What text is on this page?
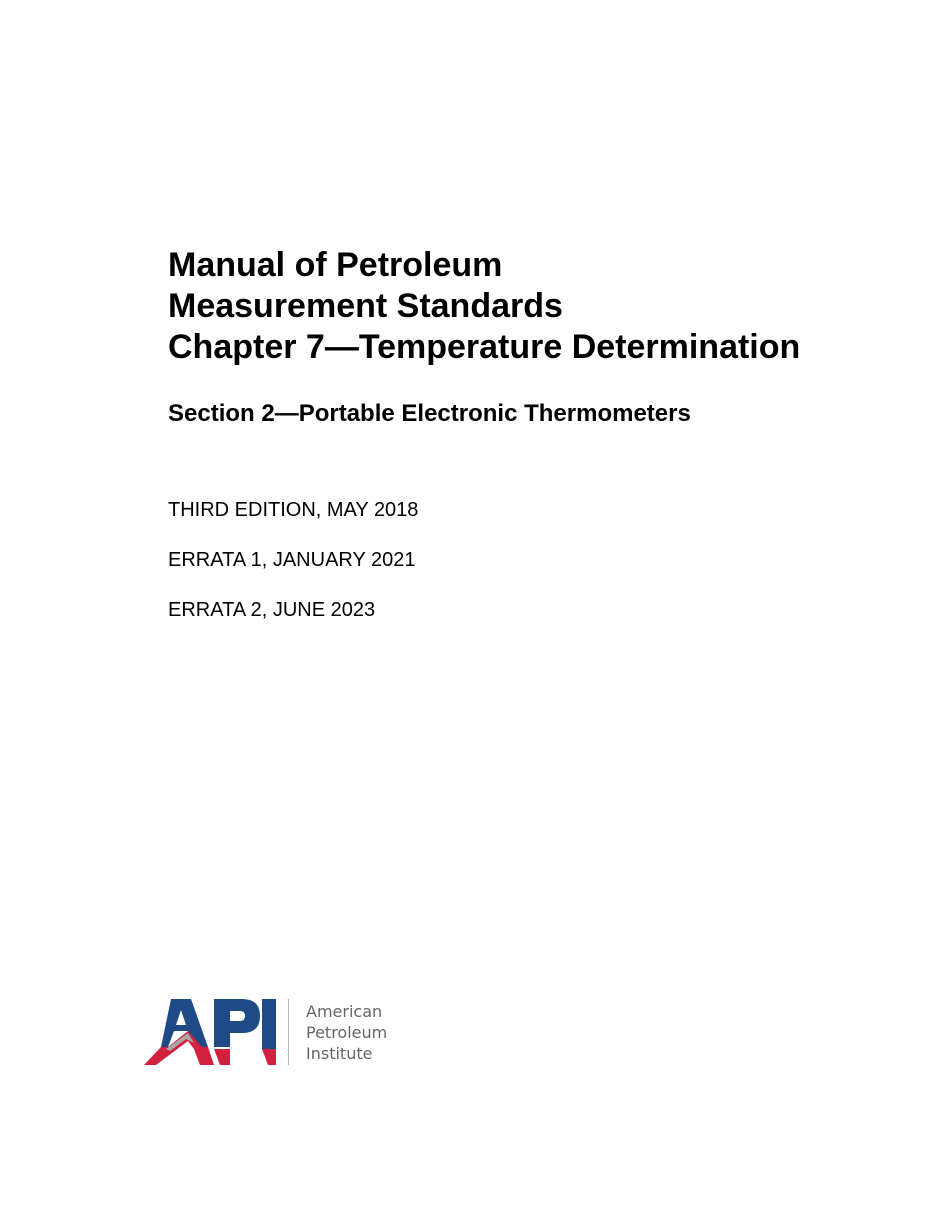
Manual of Petroleum
Measurement Standards
Chapter 7—Temperature Determination
Section 2—Portable Electronic Thermometers
THIRD EDITION, MAY 2018
ERRATA 1, JANUARY 2021
ERRATA 2, JUNE 2023
American
Petroleum
Institute
